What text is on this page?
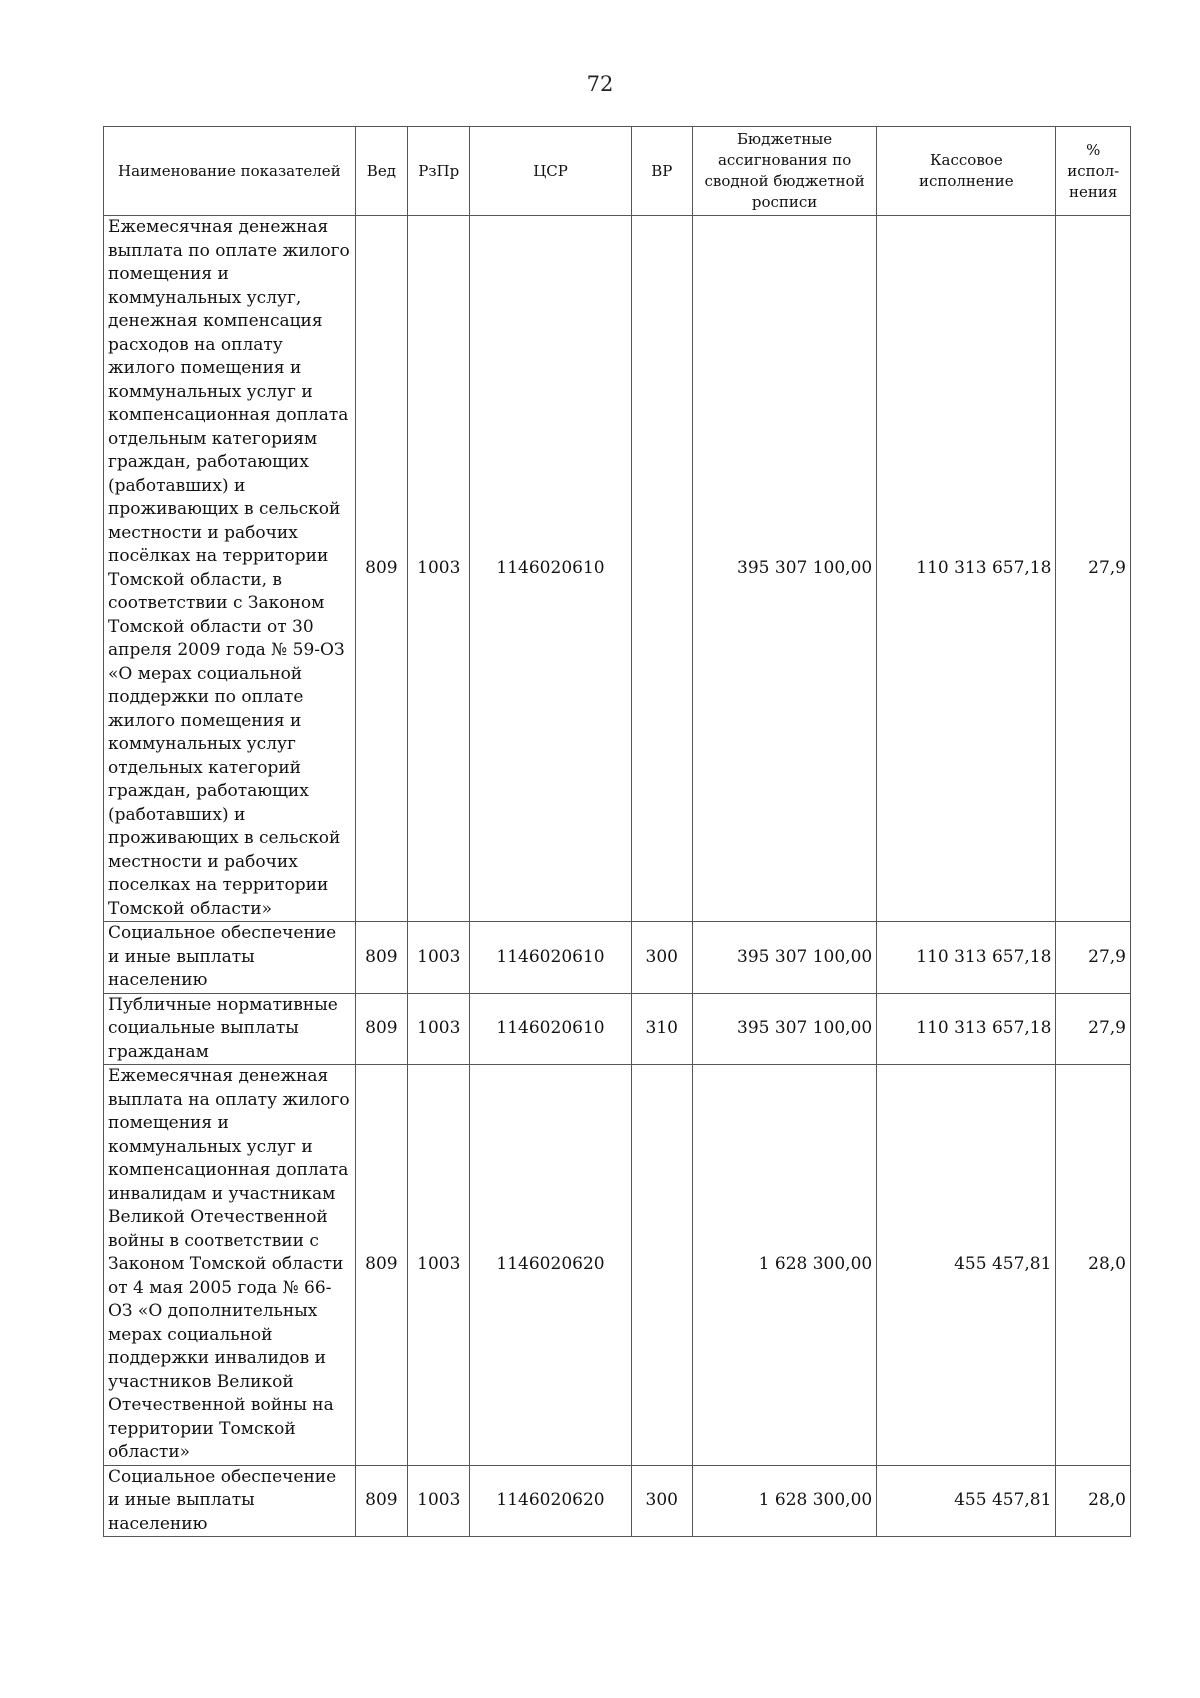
72
Наименование показателей	Вед	РзПр	ЦСР	ВР	Бюджетные ассигнования по сводной бюджетной росписи	Кассовое исполнение	% испол-нения
Ежемесячная денежная выплата по оплате жилого помещения и коммунальных услуг, денежная компенсация расходов на оплату жилого помещения и коммунальных услуг и компенсационная доплата отдельным категориям граждан, работающих (работавших) и проживающих в сельской местности и рабочих посёлках на территории Томской области, в соответствии с Законом Томской области от 30 апреля 2009 года № 59-ОЗ «О мерах социальной поддержки по оплате жилого помещения и коммунальных услуг отдельных категорий граждан, работающих (работавших) и проживающих в сельской местности и рабочих поселках на территории Томской области»	809	1003	1146020610		395 307 100,00	110 313 657,18	27,9
Социальное обеспечение и иные выплаты населению	809	1003	1146020610	300	395 307 100,00	110 313 657,18	27,9
Публичные нормативные социальные выплаты гражданам	809	1003	1146020610	310	395 307 100,00	110 313 657,18	27,9
Ежемесячная денежная выплата на оплату жилого помещения и коммунальных услуг и компенсационная доплата инвалидам и участникам Великой Отечественной войны в соответствии с Законом Томской области от 4 мая 2005 года № 66-ОЗ «О дополнительных мерах социальной поддержки инвалидов и участников Великой Отечественной войны на территории Томской области»	809	1003	1146020620		1 628 300,00	455 457,81	28,0
Социальное обеспечение и иные выплаты населению	809	1003	1146020620	300	1 628 300,00	455 457,81	28,0
